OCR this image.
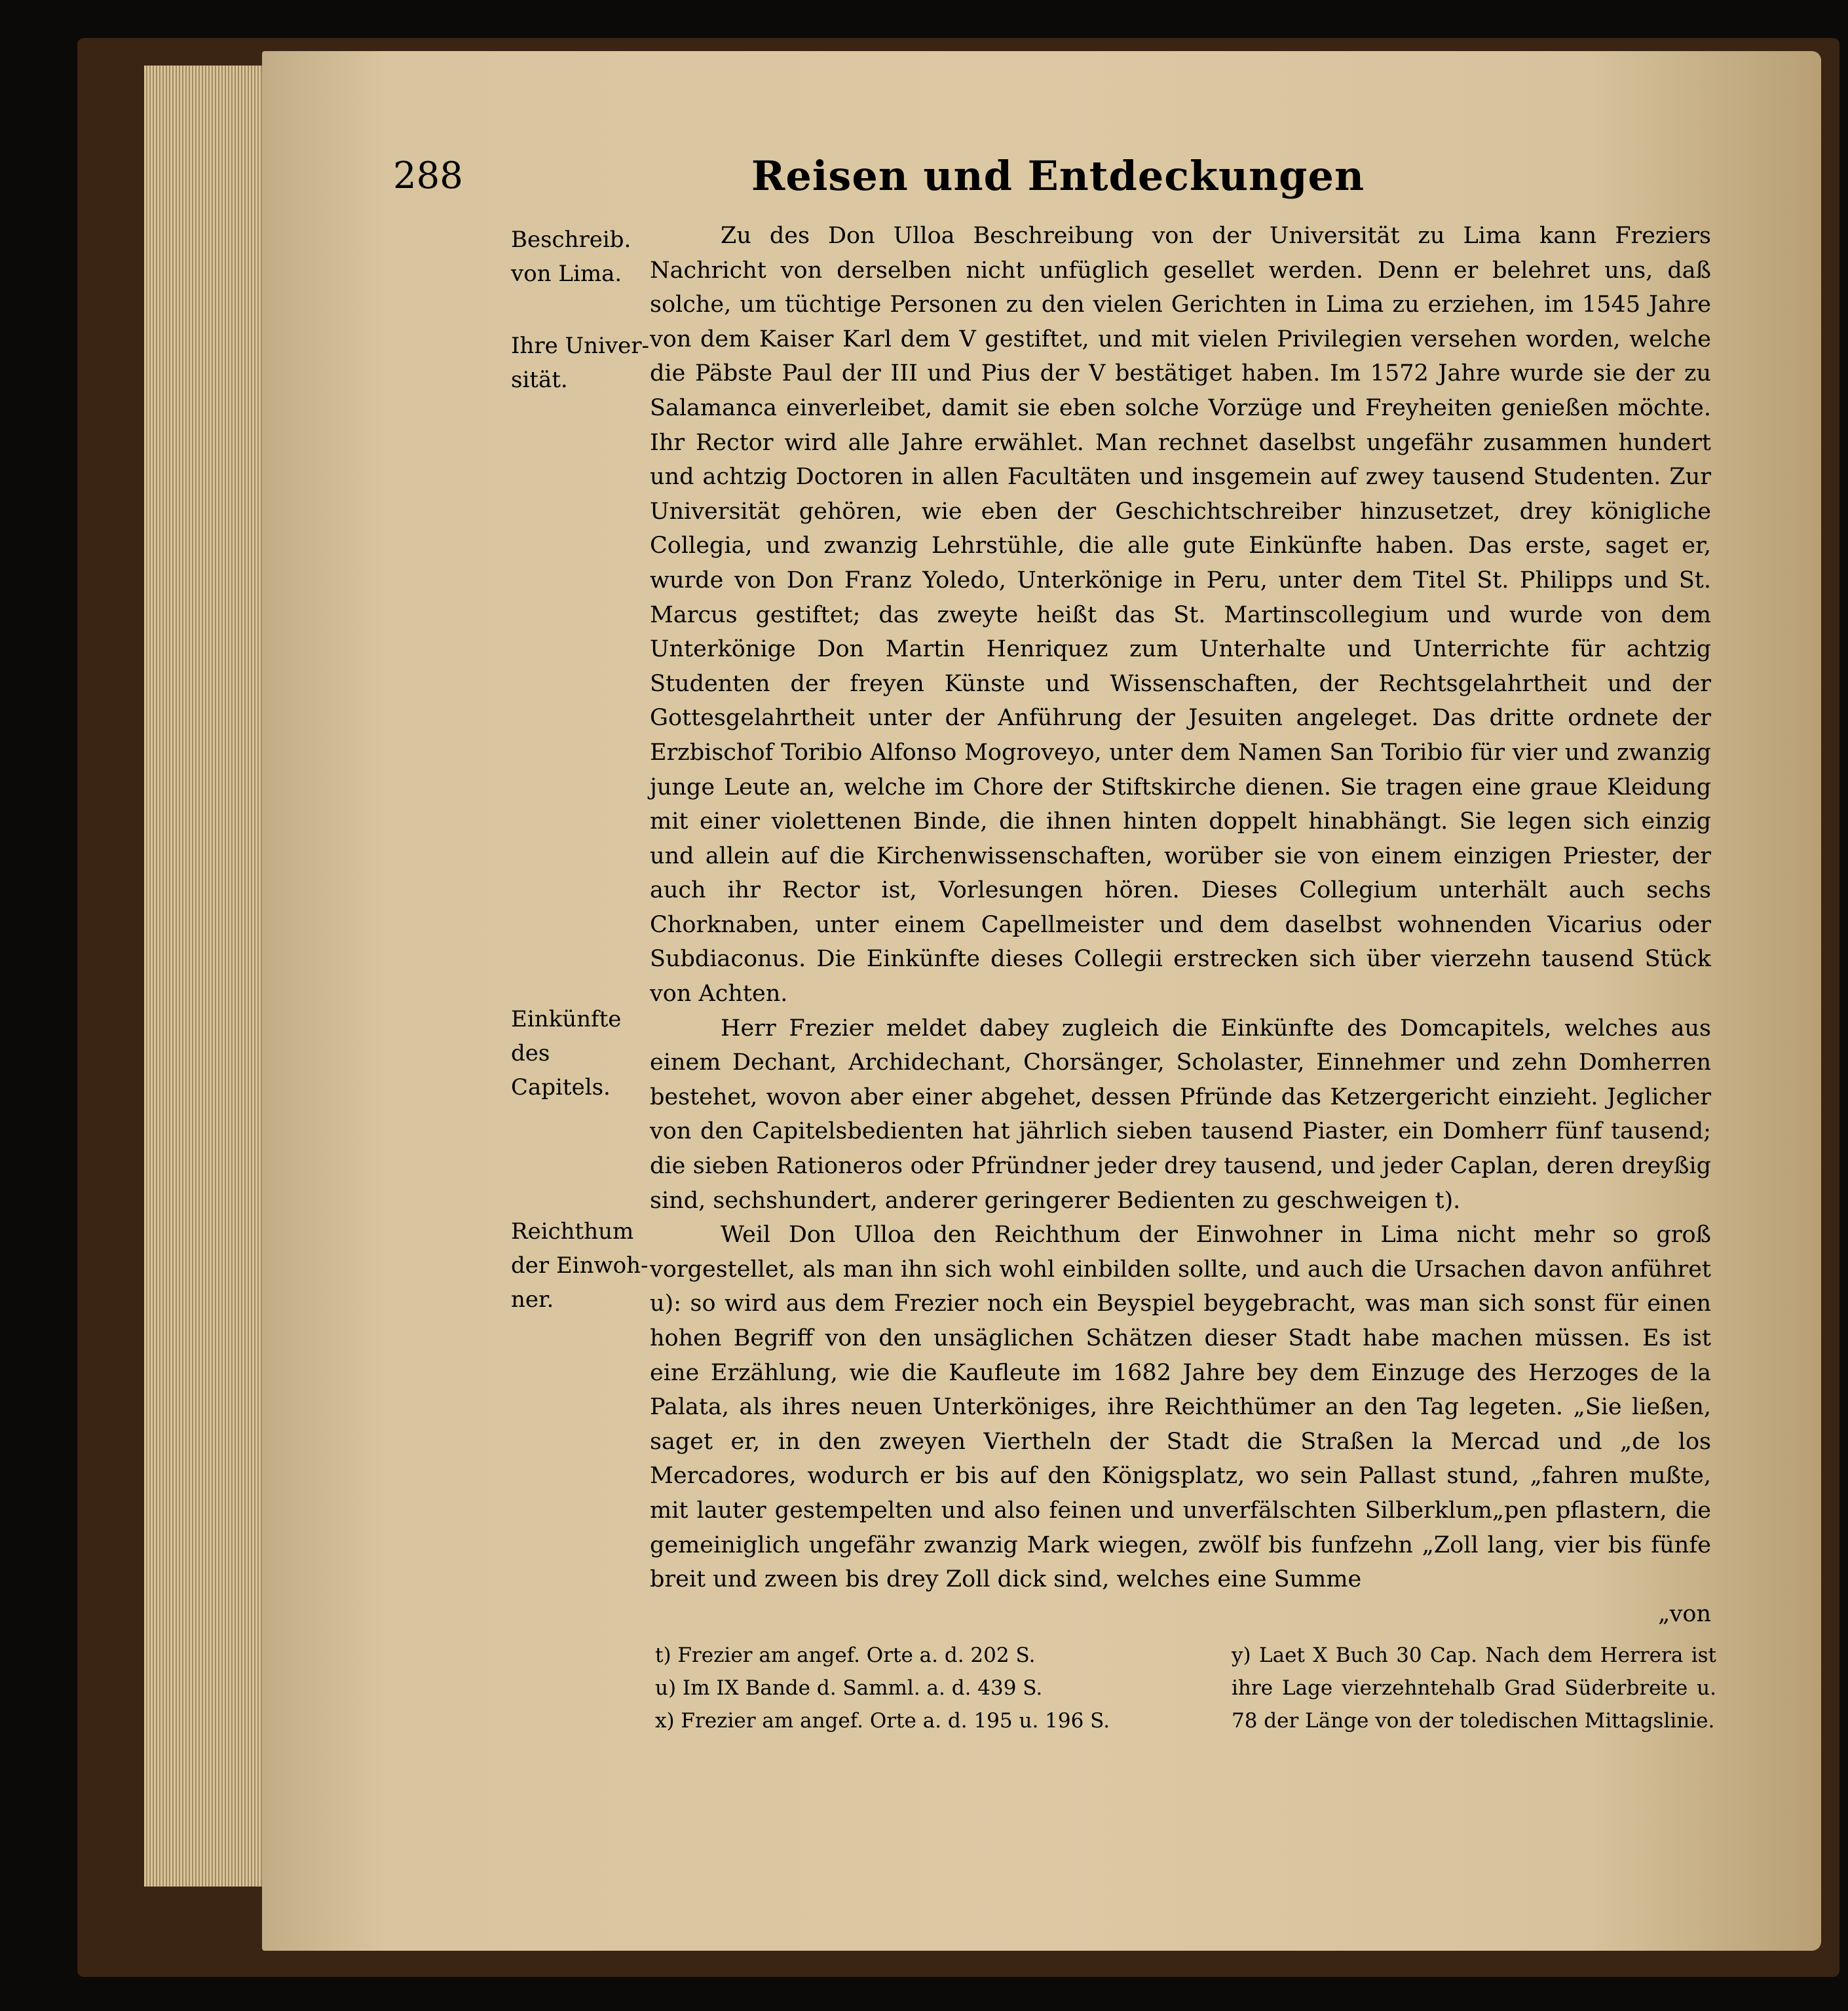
288	Reisen und Entdeckungen
Beschreib. von Lima.
Ihre Univer- sität.
Einkünfte des Capitels.
Reichthum der Einwoh- ner.

Zu des Don Ulloa Beschreibung von der Universität zu Lima kann Freziers Nachricht von derselben nicht unfüglich gesellet werden. Denn er belehret uns, daß solche, um tüchtige Personen zu den vielen Gerichten in Lima zu erziehen, im 1545 Jahre von dem Kaiser Karl dem V gestiftet, und mit vielen Privilegien versehen worden, welche die Päbste Paul der III und Pius der V bestätiget haben. Im 1572 Jahre wurde sie der zu Salamanca einverleibet, damit sie eben solche Vorzüge und Freyheiten genießen möchte. Ihr Rector wird alle Jahre erwählet. Man rechnet daselbst ungefähr zusammen hundert und achtzig Doctoren in allen Facultäten und insgemein auf zwey tausend Studenten. Zur Universität gehören, wie eben der Geschichtschreiber hinzusetzet, drey königliche Collegia, und zwanzig Lehrstühle, die alle gute Einkünfte haben. Das erste, saget er, wurde von Don Franz Yoledo, Unterkönige in Peru, unter dem Titel St. Philipps und St. Marcus gestiftet; das zweyte heißt das St. Martinscollegium und wurde von dem Unterkönige Don Martin Henriquez zum Unterhalte und Unterrichte für achtzig Studenten der freyen Künste und Wissenschaften, der Rechtsgelahrtheit und der Gottesgelahrtheit unter der Anführung der Jesuiten angeleget. Das dritte ordnete der Erzbischof Toribio Alfonso Mogroveyo, unter dem Namen San Toribio für vier und zwanzig junge Leute an, welche im Chore der Stiftskirche dienen. Sie tragen eine graue Kleidung mit einer violettenen Binde, die ihnen hinten doppelt hinabhängt. Sie legen sich einzig und allein auf die Kirchenwissenschaften, worüber sie von einem einzigen Priester, der auch ihr Rector ist, Vorlesungen hören. Dieses Collegium unterhält auch sechs Chorknaben, unter einem Capellmeister und dem daselbst wohnenden Vicarius oder Subdiaconus. Die Einkünfte dieses Collegii erstrecken sich über vierzehn tausend Stück von Achten.

Herr Frezier meldet dabey zugleich die Einkünfte des Domcapitels, welches aus einem Dechant, Archidechant, Chorsänger, Scholaster, Einnehmer und zehn Domherren bestehet, wovon aber einer abgehet, dessen Pfründe das Ketzergericht einzieht. Jeglicher von den Capitelsbedienten hat jährlich sieben tausend Piaster, ein Domherr fünf tausend; die sieben Rationeros oder Pfründner jeder drey tausend, und jeder Caplan, deren dreyßig sind, sechshundert, anderer geringerer Bedienten zu geschweigen t).

Weil Don Ulloa den Reichthum der Einwohner in Lima nicht mehr so groß vorgestellet, als man ihn sich wohl einbilden sollte, und auch die Ursachen davon anführet u): so wird aus dem Frezier noch ein Beyspiel beygebracht, was man sich sonst für einen hohen Begriff von den unsäglichen Schätzen dieser Stadt habe machen müssen. Es ist eine Erzählung, wie die Kaufleute im 1682 Jahre bey dem Einzuge des Herzoges de la Palata, als ihres neuen Unterköniges, ihre Reichthümer an den Tag legeten. „Sie ließen, saget er, in den zweyen Viertheln der Stadt die Straßen la Mercad und „de los Mercadores, wodurch er bis auf den Königsplatz, wo sein Pallast stund, „fahren mußte, mit lauter gestempelten und also feinen und unverfälschten Silberklum„pen pflastern, die gemeiniglich ungefähr zwanzig Mark wiegen, zwölf bis funfzehn „Zoll lang, vier bis fünfe breit und zween bis drey Zoll dick sind, welches eine Summe

„von
t) Frezier am angef. Orte a. d. 202 S.
u) Im IX Bande d. Samml. a. d. 439 S.
x) Frezier am angef. Orte a. d. 195 u. 196 S.
y) Laet X Buch 30 Cap. Nach dem Herrera ist ihre Lage vierzehntehalb Grad Süderbreite u. 78 der Länge von der toledischen Mittagslinie.
